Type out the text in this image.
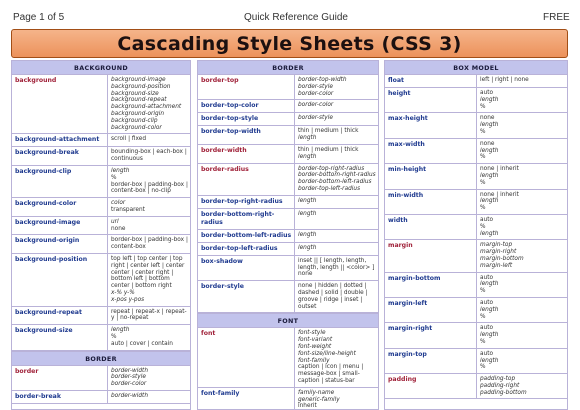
Page 1 of 5	Quick Reference Guide	FREE
Cascading Style Sheets (CSS 3)
BACKGROUND
background	background-image
background-position
background-size
background-repeat
background-attachment
background-origin
background-clip
background-color
background-attachment	scroll | fixed
background-break	bounding-box | each-box | continuous
background-clip	length
%
border-box | padding-box | content-box | no-clip
background-color	color
transparent
background-image	url
none
background-origin	border-box | padding-box | content-box
background-position	top left | top center | top right | center left | center center | center right | bottom left | bottom center | bottom right
x-% y-%
x-pos y-pos
background-repeat	repeat | repeat-x | repeat-y | no-repeat
background-size	length
%
auto | cover | contain
BORDER
border	border-width
border-style
border-color
border-break	border-width
BORDER
border-top	border-top-width
border-style
border-color
border-top-color	border-color
border-top-style	border-style
border-top-width	thin | medium | thick
length
border-width	thin | medium | thick
length
border-radius	border-top-right-radius
border-bottom-right-radius
border-bottom-left-radius
border-top-left-radius
border-top-right-radius	length
border-bottom-right-radius
length
border-bottom-left-radius	length
border-top-left-radius	length
box-shadow	inset || [ length, length, length, length || <color> ]
none
border-style	none | hidden | dotted | dashed | solid | double | groove | ridge | inset | outset
FONT
font	font-style
font-variant
font-weight
font-size/line-height
font-family
caption | icon | menu | message-box | small-caption | status-bar
font-family	family-name
generic-family
inherit
BOX MODEL
float	left | right | none
height	auto
length
%
max-height	none
length
%
max-width	none
length
%
min-height	none | inherit
length
%
min-width	none | inherit
length
%
width	auto
%
length
margin	margin-top
margin-right
margin-bottom
margin-left
margin-bottom	auto
length
%
margin-left	auto
length
%
margin-right	auto
length
%
margin-top	auto
length
%
padding	padding-top
padding-right
padding-bottom
